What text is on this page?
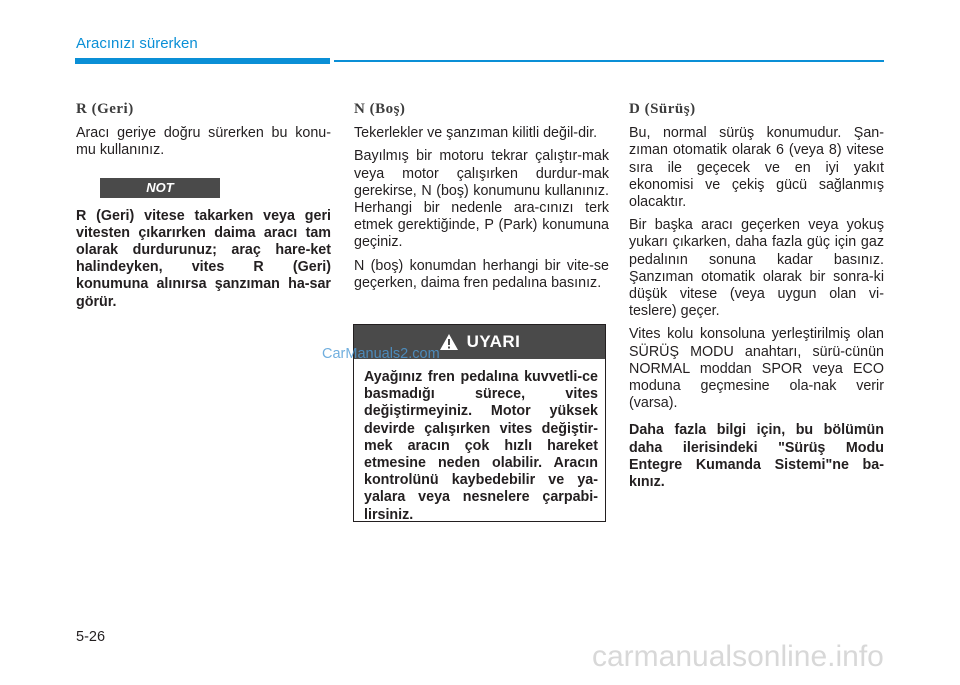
Aracınızı sürerken
R (Geri)

Aracı geriye doğru sürerken bu konu-mu kullanınız.

NOT

R (Geri) vitese takarken veya geri vitesten çıkarırken daima aracı tam olarak durdurunuz; araç hare-ket halindeyken, vites R (Geri) konumuna alınırsa şanzıman ha-sar görür.

N (Boş)

Tekerlekler ve şanzıman kilitli değil-dir.

Bayılmış bir motoru tekrar çalıştır-mak veya motor çalışırken durdur-mak gerekirse, N (boş) konumunu kullanınız. Herhangi bir nedenle ara-cınızı terk etmek gerektiğinde, P (Park) konumuna geçiniz.

N (boş) konumdan herhangi bir vite-se geçerken, daima fren pedalına basınız.

UYARI
Ayağınız fren pedalına kuvvetli-ce basmadığı sürece, vites değiştirmeyiniz. Motor yüksek devirde çalışırken vites değiştir-mek aracın çok hızlı hareket etmesine neden olabilir. Aracın kontrolünü kaybedebilir ve ya-yalara veya nesnelere çarpabi-lirsiniz.
D (Sürüş)

Bu, normal sürüş konumudur. Şan-zıman otomatik olarak 6 (veya 8) vitese sıra ile geçecek ve en iyi yakıt ekonomisi ve çekiş gücü sağlanmış olacaktır.

Bir başka aracı geçerken veya yokuş yukarı çıkarken, daha fazla güç için gaz pedalının sonuna kadar basınız. Şanzıman otomatik olarak bir sonra-ki düşük vitese (veya uygun olan vi-teslere) geçer.

Vites kolu konsoluna yerleştirilmiş olan SÜRÜŞ MODU anahtarı, sürü-cünün NORMAL moddan SPOR veya ECO moduna geçmesine ola-nak verir (varsa).

Daha fazla bilgi için, bu bölümün daha ilerisindeki "Sürüş Modu Entegre Kumanda Sistemi"ne ba-kınız.

CarManuals2.com
5-26
carmanualsonline.info
